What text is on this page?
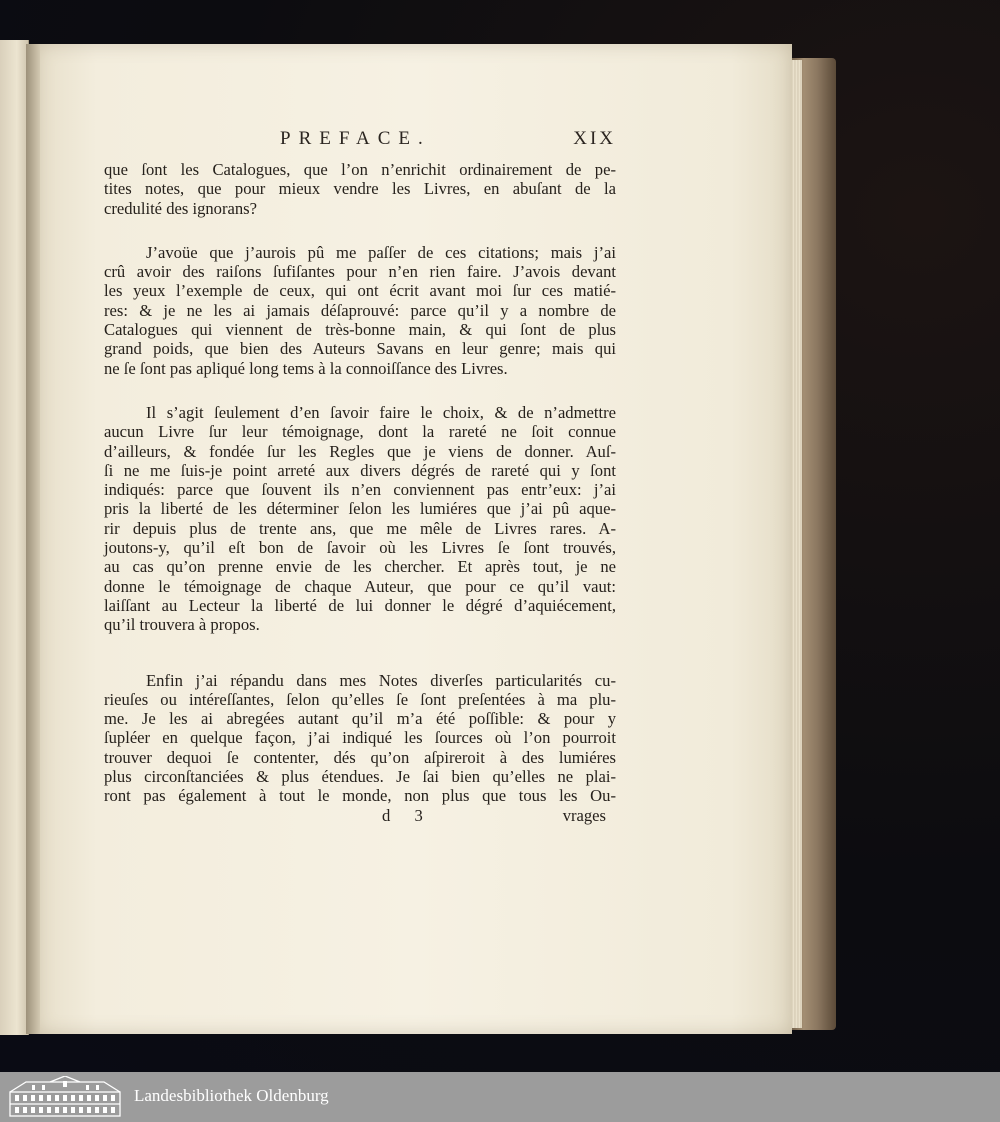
PREFACE.	XIX

que ſont les Catalogues, que l’on n’enrichit ordinairement de pe-
tites notes, que pour mieux vendre les Livres, en abuſant de la
credulité des ignorans?

J’avoüe que j’aurois pû me paſſer de ces citations; mais j’ai
crû avoir des raiſons ſufiſantes pour n’en rien faire. J’avois devant
les yeux l’exemple de ceux, qui ont écrit avant moi ſur ces matié-
res: & je ne les ai jamais déſaprouvé: parce qu’il y a nombre de
Catalogues qui viennent de très-bonne main, & qui ſont de plus
grand poids, que bien des Auteurs Savans en leur genre; mais qui
ne ſe ſont pas apliqué long tems à la connoiſſance des Livres.

Il s’agit ſeulement d’en ſavoir faire le choix, & de n’admettre
aucun Livre ſur leur témoignage, dont la rareté ne ſoit connue
d’ailleurs, & fondée ſur les Regles que je viens de donner. Auſ-
ſi ne me ſuis-je point arreté aux divers dégrés de rareté qui y ſont
indiqués: parce que ſouvent ils n’en conviennent pas entr’eux: j’ai
pris la liberté de les déterminer ſelon les lumiéres que j’ai pû aque-
rir depuis plus de trente ans, que me mêle de Livres rares. A-
joutons-y, qu’il eſt bon de ſavoir où les Livres ſe ſont trouvés,
au cas qu’on prenne envie de les chercher. Et après tout, je ne
donne le témoignage de chaque Auteur, que pour ce qu’il vaut:
laiſſant au Lecteur la liberté de lui donner le dégré d’aquiécement,
qu’il trouvera à propos.

Enfin j’ai répandu dans mes Notes diverſes particularités cu-
rieuſes ou intéreſſantes, ſelon qu’elles ſe ſont preſentées à ma plu-
me. Je les ai abregées autant qu’il m’a été poſſible: & pour y
ſupléer en quelque façon, j’ai indiqué les ſources où l’on pourroit
trouver dequoi ſe contenter, dés qu’on aſpireroit à des lumiéres
plus circonſtanciées & plus étendues. Je ſai bien qu’elles ne plai-
ront pas également à tout le monde, non plus que tous les Ou-

d 3	vrages
Landesbibliothek Oldenburg
